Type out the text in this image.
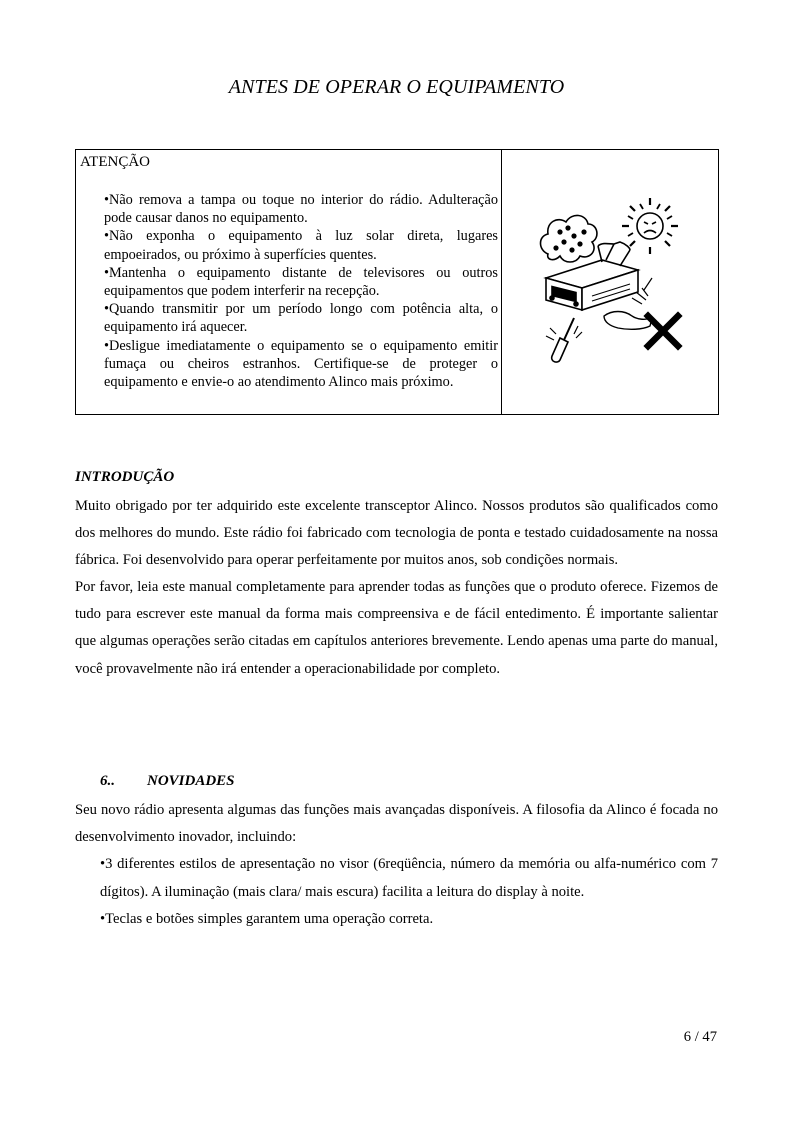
ANTES DE OPERAR O EQUIPAMENTO
ATENÇÃO

•Não remova a tampa ou toque no interior do rádio. Adulteração pode causar danos no equipamento.

•Não exponha o equipamento à luz solar direta, lugares empoeirados, ou próximo à superfícies quentes.

•Mantenha o equipamento distante de televisores ou outros equipamentos que podem interferir na recepção.

•Quando transmitir por um período longo com potência alta, o equipamento irá aquecer.

•Desligue imediatamente o equipamento se o equipamento emitir fumaça ou cheiros estranhos. Certifique-se de proteger o equipamento e envie-o ao atendimento Alinco mais próximo.

INTRODUÇÃO

Muito obrigado por ter adquirido este excelente transceptor Alinco. Nossos produtos são qualificados como dos melhores do mundo. Este rádio foi fabricado com tecnologia de ponta e testado cuidadosamente na nossa fábrica. Foi desenvolvido para operar perfeitamente por muitos anos, sob condições normais.

Por favor, leia este manual completamente para aprender todas as funções que o produto oferece. Fizemos de tudo para escrever este manual da forma mais compreensiva e de fácil entedimento. É importante salientar que algumas operações serão citadas em capítulos anteriores brevemente. Lendo apenas uma parte do manual, você provavelmente não irá entender a operacionabilidade por completo.

6.. NOVIDADES

Seu novo rádio apresenta algumas das funções mais avançadas disponíveis. A filosofia da Alinco é focada no desenvolvimento inovador, incluindo:

•3 diferentes estilos de apresentação no visor (6reqüência, número da memória ou alfa-numérico com 7 dígitos). A iluminação (mais clara/ mais escura) facilita a leitura do display à noite.

•Teclas e botões simples garantem uma operação correta.

6 / 47
